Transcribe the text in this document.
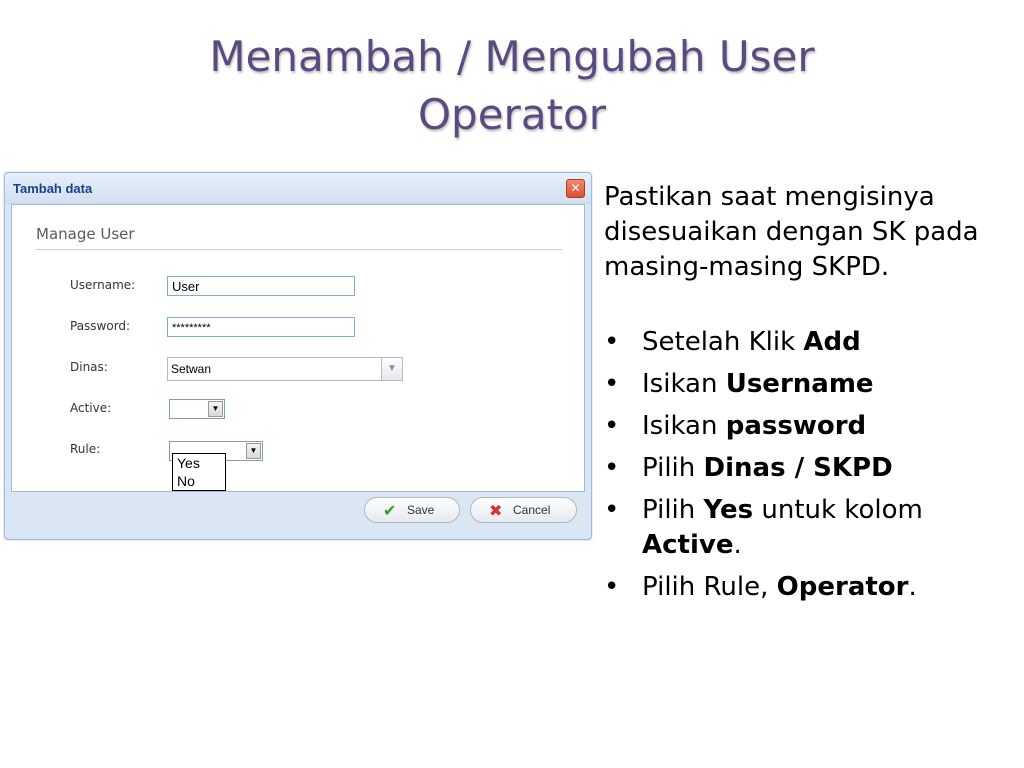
Menambah / Mengubah User
Operator
Tambah data	✕
Manage User
Username:	User
Password:	*********
Dinas:	Setwan	▼
Active:	▼
Rule:	▼
Yes
No
✔ Save	✖ Cancel

Pastikan saat mengisinya disesuaikan dengan SK pada masing-masing SKPD.

• Setelah Klik Add
• Isikan Username
• Isikan password
• Pilih Dinas / SKPD
• Pilih Yes untuk kolom Active.
• Pilih Rule, Operator.
